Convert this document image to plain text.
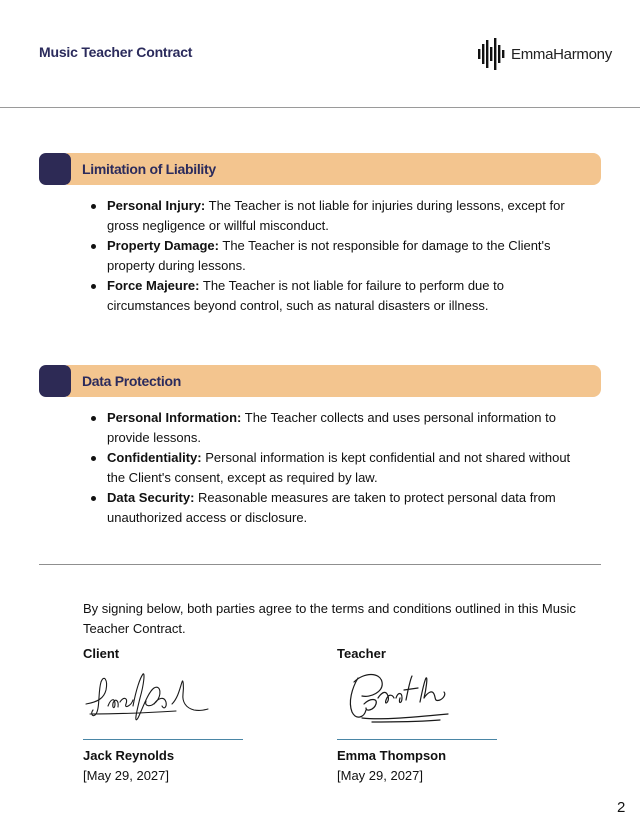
Music Teacher Contract	EmmaHarmony
Limitation of Liability
Personal Injury: The Teacher is not liable for injuries during lessons, except for gross negligence or willful misconduct.
Property Damage: The Teacher is not responsible for damage to the Client's property during lessons.
Force Majeure: The Teacher is not liable for failure to perform due to circumstances beyond control, such as natural disasters or illness.
Data Protection
Personal Information: The Teacher collects and uses personal information to provide lessons.
Confidentiality: Personal information is kept confidential and not shared without the Client's consent, except as required by law.
Data Security: Reasonable measures are taken to protect personal data from unauthorized access or disclosure.
By signing below, both parties agree to the terms and conditions outlined in this Music Teacher Contract.
Client
Jack Reynolds
[May 29, 2027]
Teacher
Emma Thompson
[May 29, 2027]
2
